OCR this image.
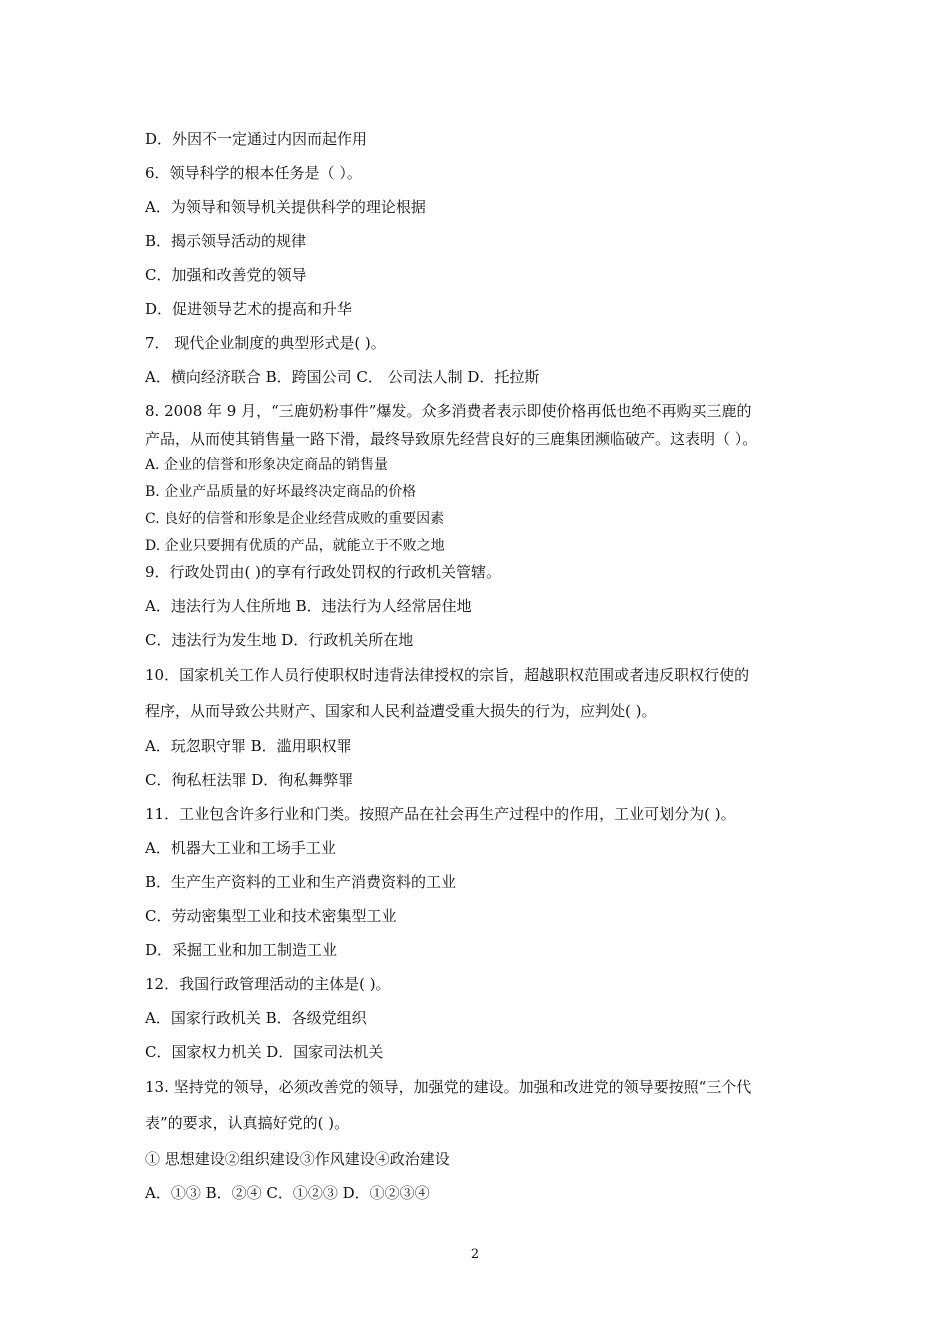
D．外因不一定通过内因而起作用
6．领导科学的根本任务是（ ）。
A．为领导和领导机关提供科学的理论根据
B．揭示领导活动的规律
C．加强和改善党的领导
D．促进领导艺术的提高和升华
7． 现代企业制度的典型形式是( )。
A．横向经济联合 B．跨国公司 C． 公司法人制 D．托拉斯
8. 2008 年 9 月，“三鹿奶粉事件”爆发。众多消费者表示即使价格再低也绝不再购买三鹿的
产品，从而使其销售量一路下滑，最终导致原先经营良好的三鹿集团濒临破产。这表明（ ）。
A. 企业的信誉和形象决定商品的销售量
B. 企业产品质量的好坏最终决定商品的价格
C. 良好的信誉和形象是企业经营成败的重要因素
D. 企业只要拥有优质的产品，就能立于不败之地
9．行政处罚由( )的享有行政处罚权的行政机关管辖。
A．违法行为人住所地 B．违法行为人经常居住地
C．违法行为发生地 D．行政机关所在地
10．国家机关工作人员行使职权时违背法律授权的宗旨，超越职权范围或者违反职权行使的
程序，从而导致公共财产、国家和人民利益遭受重大损失的行为，应判处( )。
A．玩忽职守罪 B．滥用职权罪
C．徇私枉法罪 D．徇私舞弊罪
11．工业包含许多行业和门类。按照产品在社会再生产过程中的作用，工业可划分为( )。
A．机器大工业和工场手工业
B．生产生产资料的工业和生产消费资料的工业
C．劳动密集型工业和技术密集型工业
D．采掘工业和加工制造工业
12．我国行政管理活动的主体是( )。
A．国家行政机关 B．各级党组织
C．国家权力机关 D．国家司法机关
13. 坚持党的领导，必须改善党的领导，加强党的建设。加强和改进党的领导要按照“三个代
表”的要求，认真搞好党的( )。
① 思想建设②组织建设③作风建设④政治建设
A．①③ B．②④ C．①②③ D．①②③④
2
